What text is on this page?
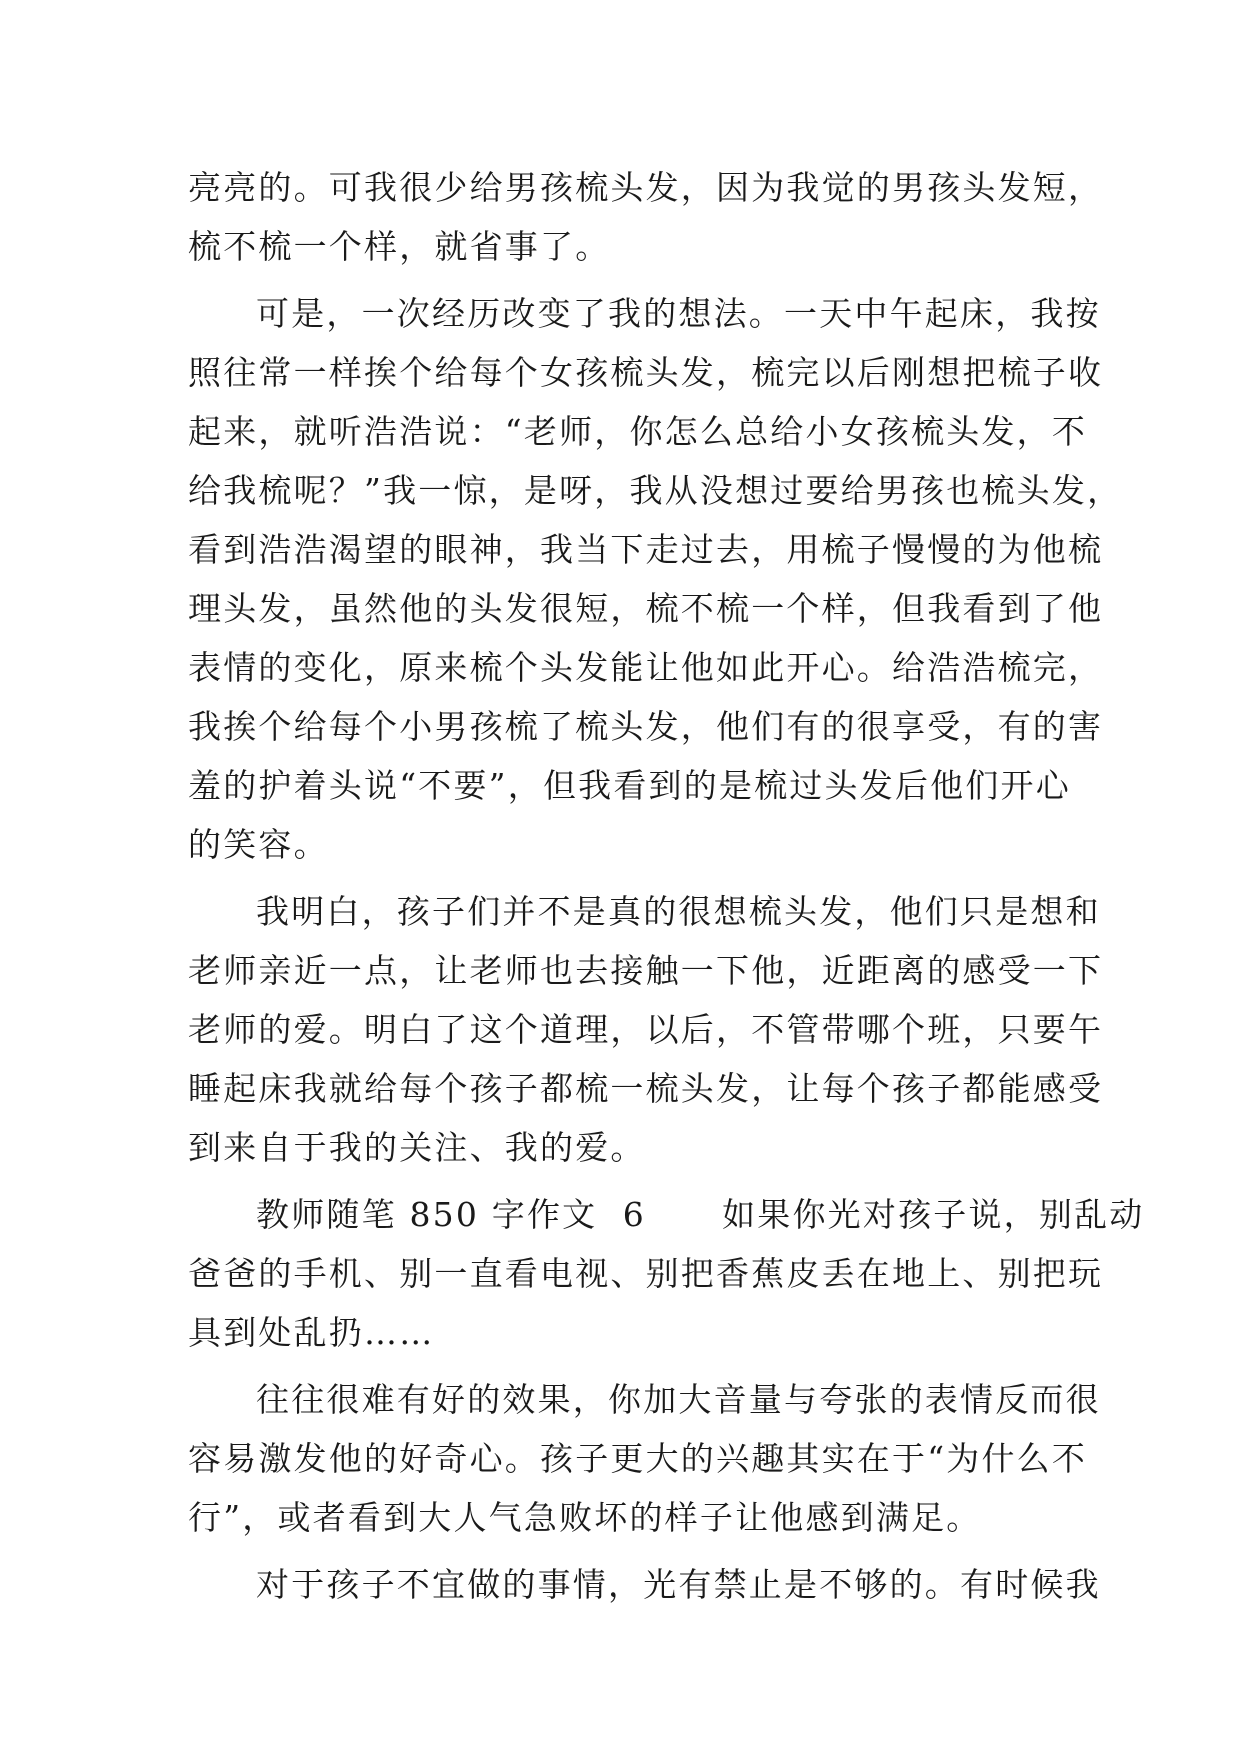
亮亮的。可我很少给男孩梳头发，因为我觉的男孩头发短，
梳不梳一个样，就省事了。
可是，一次经历改变了我的想法。一天中午起床，我按
照往常一样挨个给每个女孩梳头发，梳完以后刚想把梳子收
起来，就听浩浩说：“老师，你怎么总给小女孩梳头发，不
给我梳呢？”我一惊，是呀，我从没想过要给男孩也梳头发，
看到浩浩渴望的眼神，我当下走过去，用梳子慢慢的为他梳
理头发，虽然他的头发很短，梳不梳一个样，但我看到了他
表情的变化，原来梳个头发能让他如此开心。给浩浩梳完，
我挨个给每个小男孩梳了梳头发，他们有的很享受，有的害
羞的护着头说“不要”，但我看到的是梳过头发后他们开心
的笑容。
我明白，孩子们并不是真的很想梳头发，他们只是想和
老师亲近一点，让老师也去接触一下他，近距离的感受一下
老师的爱。明白了这个道理，以后，不管带哪个班，只要午
睡起床我就给每个孩子都梳一梳头发，让每个孩子都能感受
到来自于我的关注、我的爱。
教师随笔 850 字作文  6      如果你光对孩子说，别乱动
爸爸的手机、别一直看电视、别把香蕉皮丢在地上、别把玩
具到处乱扔……
往往很难有好的效果，你加大音量与夸张的表情反而很
容易激发他的好奇心。孩子更大的兴趣其实在于“为什么不
行”，或者看到大人气急败坏的样子让他感到满足。
对于孩子不宜做的事情，光有禁止是不够的。有时候我
